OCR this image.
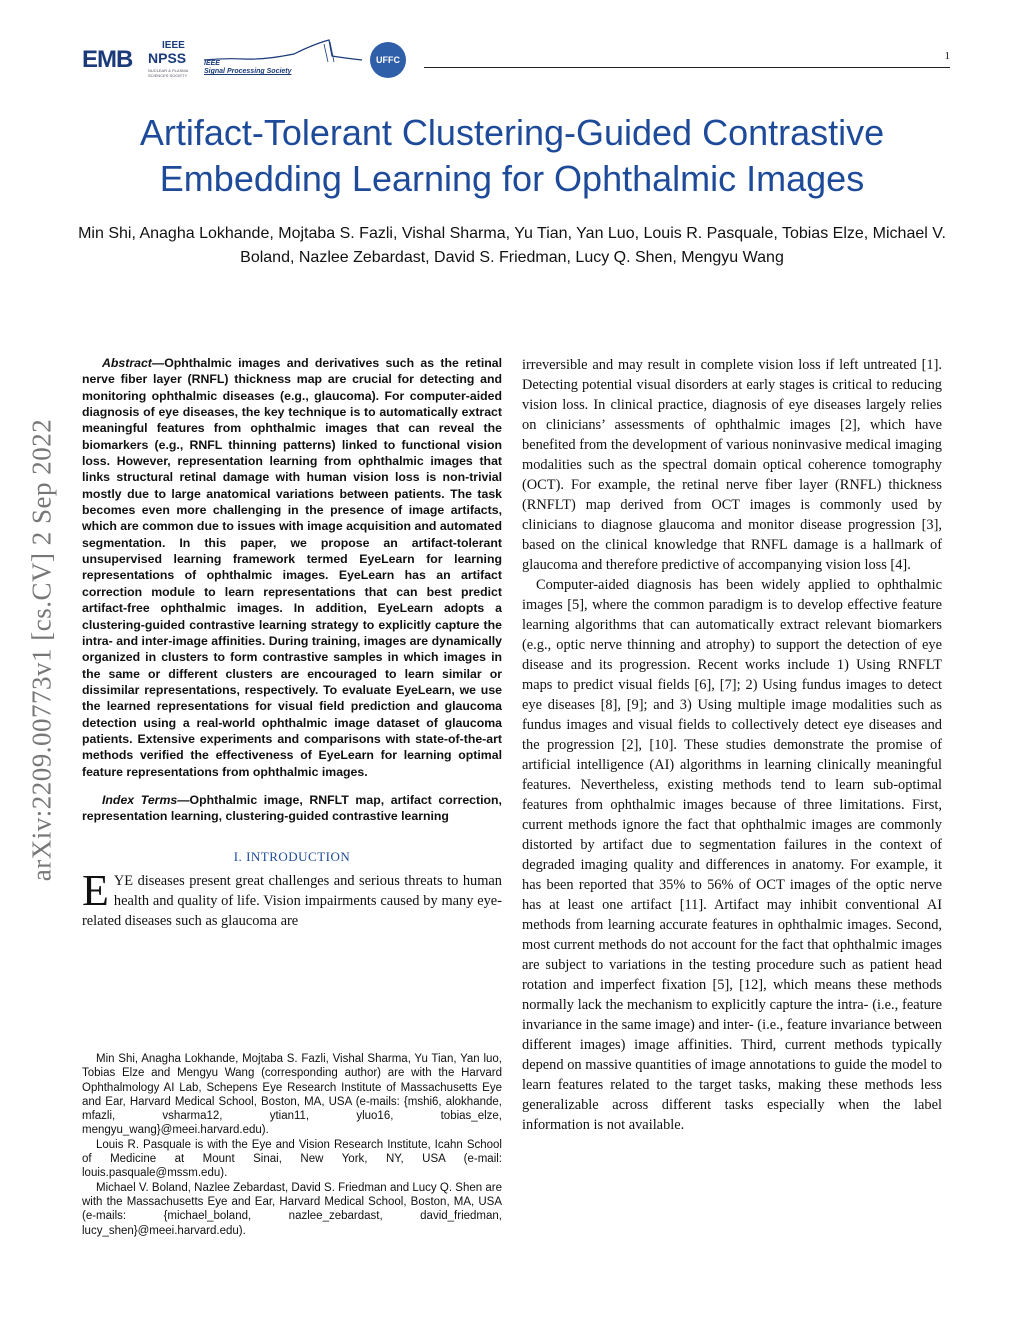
EMB
IEEE
NPSS
NUCLEAR & PLASMA SCIENCES SOCIETY
IEEE
Signal Processing Society
UFFC	1
Artifact-Tolerant Clustering-Guided Contrastive Embedding Learning for Ophthalmic Images
Min Shi, Anagha Lokhande, Mojtaba S. Fazli, Vishal Sharma, Yu Tian, Yan Luo, Louis R. Pasquale, Tobias Elze, Michael V. Boland, Nazlee Zebardast, David S. Friedman, Lucy Q. Shen, Mengyu Wang
arXiv:2209.00773v1 [cs.CV] 2 Sep 2022

Abstract—Ophthalmic images and derivatives such as the retinal nerve fiber layer (RNFL) thickness map are crucial for detecting and monitoring ophthalmic diseases (e.g., glaucoma). For computer-aided diagnosis of eye diseases, the key technique is to automatically extract meaningful features from ophthalmic images that can reveal the biomarkers (e.g., RNFL thinning patterns) linked to functional vision loss. However, representation learning from ophthalmic images that links structural retinal damage with human vision loss is non-trivial mostly due to large anatomical variations between patients. The task becomes even more challenging in the presence of image artifacts, which are common due to issues with image acquisition and automated segmentation. In this paper, we propose an artifact-tolerant unsupervised learning framework termed EyeLearn for learning representations of ophthalmic images. EyeLearn has an artifact correction module to learn representations that can best predict artifact-free ophthalmic images. In addition, EyeLearn adopts a clustering-guided contrastive learning strategy to explicitly capture the intra- and inter-image affinities. During training, images are dynamically organized in clusters to form contrastive samples in which images in the same or different clusters are encouraged to learn similar or dissimilar representations, respectively. To evaluate EyeLearn, we use the learned representations for visual field prediction and glaucoma detection using a real-world ophthalmic image dataset of glaucoma patients. Extensive experiments and comparisons with state-of-the-art methods verified the effectiveness of EyeLearn for learning optimal feature representations from ophthalmic images.

Index Terms—Ophthalmic image, RNFLT map, artifact correction, representation learning, clustering-guided contrastive learning

I. INTRODUCTION

EYE diseases present great challenges and serious threats to human health and quality of life. Vision impairments caused by many eye-related diseases such as glaucoma are

Min Shi, Anagha Lokhande, Mojtaba S. Fazli, Vishal Sharma, Yu Tian, Yan luo, Tobias Elze and Mengyu Wang (corresponding author) are with the Harvard Ophthalmology AI Lab, Schepens Eye Research Institute of Massachusetts Eye and Ear, Harvard Medical School, Boston, MA, USA (e-mails: {mshi6, alokhande, mfazli, vsharma12, ytian11, yluo16, tobias_elze, mengyu_wang}@meei.harvard.edu).

Louis R. Pasquale is with the Eye and Vision Research Institute, Icahn School of Medicine at Mount Sinai, New York, NY, USA (e-mail: louis.pasquale@mssm.edu).

Michael V. Boland, Nazlee Zebardast, David S. Friedman and Lucy Q. Shen are with the Massachusetts Eye and Ear, Harvard Medical School, Boston, MA, USA (e-mails: {michael_boland, nazlee_zebardast, david_friedman, lucy_shen}@meei.harvard.edu).

irreversible and may result in complete vision loss if left untreated [1]. Detecting potential visual disorders at early stages is critical to reducing vision loss. In clinical practice, diagnosis of eye diseases largely relies on clinicians’ assessments of ophthalmic images [2], which have benefited from the development of various noninvasive medical imaging modalities such as the spectral domain optical coherence tomography (OCT). For example, the retinal nerve fiber layer (RNFL) thickness (RNFLT) map derived from OCT images is commonly used by clinicians to diagnose glaucoma and monitor disease progression [3], based on the clinical knowledge that RNFL damage is a hallmark of glaucoma and therefore predictive of accompanying vision loss [4].

Computer-aided diagnosis has been widely applied to ophthalmic images [5], where the common paradigm is to develop effective feature learning algorithms that can automatically extract relevant biomarkers (e.g., optic nerve thinning and atrophy) to support the detection of eye disease and its progression. Recent works include 1) Using RNFLT maps to predict visual fields [6], [7]; 2) Using fundus images to detect eye diseases [8], [9]; and 3) Using multiple image modalities such as fundus images and visual fields to collectively detect eye diseases and the progression [2], [10]. These studies demonstrate the promise of artificial intelligence (AI) algorithms in learning clinically meaningful features. Nevertheless, existing methods tend to learn sub-optimal features from ophthalmic images because of three limitations. First, current methods ignore the fact that ophthalmic images are commonly distorted by artifact due to segmentation failures in the context of degraded imaging quality and differences in anatomy. For example, it has been reported that 35% to 56% of OCT images of the optic nerve has at least one artifact [11]. Artifact may inhibit conventional AI methods from learning accurate features in ophthalmic images. Second, most current methods do not account for the fact that ophthalmic images are subject to variations in the testing procedure such as patient head rotation and imperfect fixation [5], [12], which means these methods normally lack the mechanism to explicitly capture the intra- (i.e., feature invariance in the same image) and inter- (i.e., feature invariance between different images) image affinities. Third, current methods typically depend on massive quantities of image annotations to guide the model to learn features related to the target tasks, making these methods less generalizable across different tasks especially when the label information is not available.
